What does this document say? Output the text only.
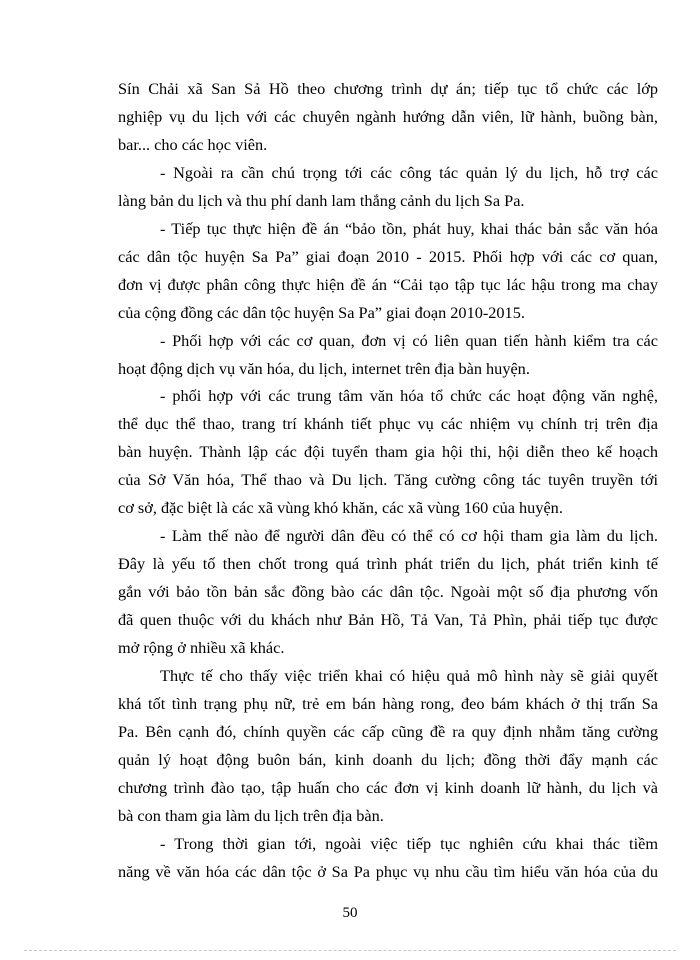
Sín Chải xã San Sả Hồ theo chương trình dự án; tiếp tục tổ chức các lớp
nghiệp vụ du lịch với các chuyên ngành hướng dẫn viên, lữ hành, buồng bàn,
bar... cho các học viên.
- Ngoài ra cần chú trọng tới các công tác quản lý du lịch, hỗ trợ các
làng bản du lịch và thu phí danh lam thắng cảnh du lịch Sa Pa.
- Tiếp tục thực hiện đề án “bảo tồn, phát huy, khai thác bản sắc văn hóa
các dân tộc huyện Sa Pa” giai đoạn 2010 - 2015. Phối hợp với các cơ quan,
đơn vị được phân công thực hiện đề án “Cải tạo tập tục lác hậu trong ma chay
của cộng đồng các dân tộc huyện Sa Pa” giai đoạn 2010-2015.
- Phối hợp với các cơ quan, đơn vị có liên quan tiến hành kiểm tra các
hoạt động dịch vụ văn hóa, du lịch, internet trên địa bàn huyện.
- phối hợp với các trung tâm văn hóa tổ chức các hoạt động văn nghệ,
thể dục thể thao, trang trí khánh tiết phục vụ các nhiệm vụ chính trị trên địa
bàn huyện. Thành lập các đội tuyển tham gia hội thi, hội diễn theo kế hoạch
của Sở Văn hóa, Thể thao và Du lịch. Tăng cường công tác tuyên truyền tới
cơ sở, đặc biệt là các xã vùng khó khăn, các xã vùng 160 của huyện.
- Làm thế nào để người dân đều có thể có cơ hội tham gia làm du lịch.
Đây là yếu tố then chốt trong quá trình phát triển du lịch, phát triển kinh tế
gắn với bảo tồn bản sắc đồng bào các dân tộc. Ngoài một số địa phương vốn
đã quen thuộc với du khách như Bản Hồ, Tả Van, Tả Phìn, phải tiếp tục được
mở rộng ở nhiều xã khác.
Thực tế cho thấy việc triển khai có hiệu quả mô hình này sẽ giải quyết
khá tốt tình trạng phụ nữ, trẻ em bán hàng rong, đeo bám khách ở thị trấn Sa
Pa. Bên cạnh đó, chính quyền các cấp cũng đề ra quy định nhằm tăng cường
quản lý hoạt động buôn bán, kinh doanh du lịch; đồng thời đẩy mạnh các
chương trình đào tạo, tập huấn cho các đơn vị kinh doanh lữ hành, du lịch và
bà con tham gia làm du lịch trên địa bàn.
- Trong thời gian tới, ngoài việc tiếp tục nghiên cứu khai thác tiềm
năng về văn hóa các dân tộc ở Sa Pa phục vụ nhu cầu tìm hiểu văn hóa của du
50
